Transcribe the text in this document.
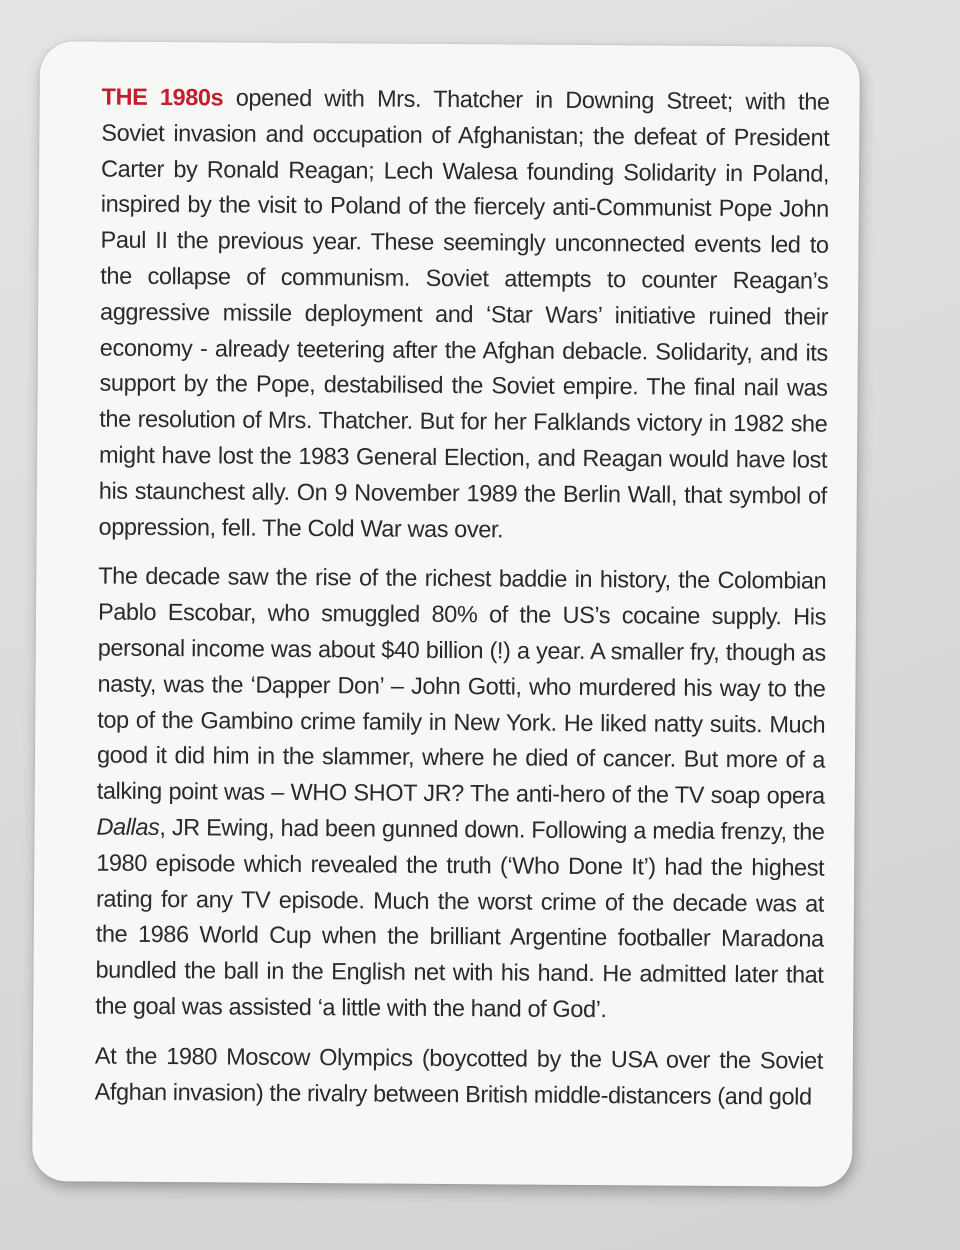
THE 1980s opened with Mrs. Thatcher in Downing Street; with the Soviet invasion and occupation of Afghanistan; the defeat of President Carter by Ronald Reagan; Lech Walesa founding Solidarity in Poland, inspired by the visit to Poland of the fiercely anti-Communist Pope John Paul II the previous year. These seemingly unconnected events led to the collapse of communism. Soviet attempts to counter Reagan’s aggressive missile deployment and ‘Star Wars’ initiative ruined their economy - already teetering after the Afghan debacle. Solidarity, and its support by the Pope, destabilised the Soviet empire. The final nail was the resolution of Mrs. Thatcher. But for her Falklands victory in 1982 she might have lost the 1983 General Election, and Reagan would have lost his staunchest ally. On 9 November 1989 the Berlin Wall, that symbol of oppression, fell. The Cold War was over.

The decade saw the rise of the richest baddie in history, the Colombian Pablo Escobar, who smuggled 80% of the US’s cocaine supply. His personal income was about $40 billion (!) a year. A smaller fry, though as nasty, was the ‘Dapper Don’ – John Gotti, who murdered his way to the top of the Gambino crime family in New York. He liked natty suits. Much good it did him in the slammer, where he died of cancer. But more of a talking point was – WHO SHOT JR? The anti-hero of the TV soap opera Dallas, JR Ewing, had been gunned down. Following a media frenzy, the 1980 episode which revealed the truth (‘Who Done It’) had the highest rating for any TV episode. Much the worst crime of the decade was at the 1986 World Cup when the brilliant Argentine footballer Maradona bundled the ball in the English net with his hand. He admitted later that the goal was assisted ‘a little with the hand of God’.

At the 1980 Moscow Olympics (boycotted by the USA over the Soviet Afghan invasion) the rivalry between British middle-distancers (and gold
